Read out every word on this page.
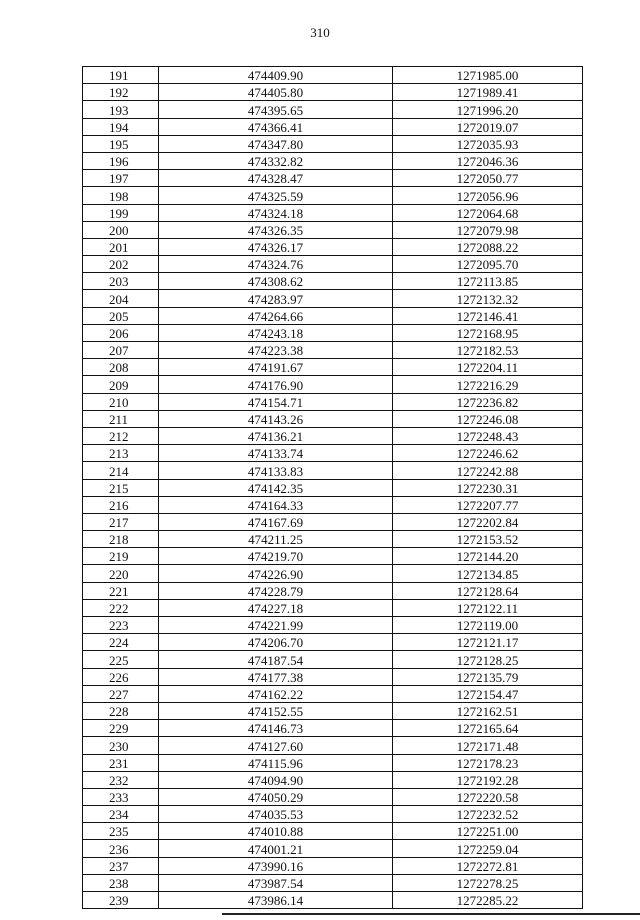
310
191	474409.90	1271985.00
192	474405.80	1271989.41
193	474395.65	1271996.20
194	474366.41	1272019.07
195	474347.80	1272035.93
196	474332.82	1272046.36
197	474328.47	1272050.77
198	474325.59	1272056.96
199	474324.18	1272064.68
200	474326.35	1272079.98
201	474326.17	1272088.22
202	474324.76	1272095.70
203	474308.62	1272113.85
204	474283.97	1272132.32
205	474264.66	1272146.41
206	474243.18	1272168.95
207	474223.38	1272182.53
208	474191.67	1272204.11
209	474176.90	1272216.29
210	474154.71	1272236.82
211	474143.26	1272246.08
212	474136.21	1272248.43
213	474133.74	1272246.62
214	474133.83	1272242.88
215	474142.35	1272230.31
216	474164.33	1272207.77
217	474167.69	1272202.84
218	474211.25	1272153.52
219	474219.70	1272144.20
220	474226.90	1272134.85
221	474228.79	1272128.64
222	474227.18	1272122.11
223	474221.99	1272119.00
224	474206.70	1272121.17
225	474187.54	1272128.25
226	474177.38	1272135.79
227	474162.22	1272154.47
228	474152.55	1272162.51
229	474146.73	1272165.64
230	474127.60	1272171.48
231	474115.96	1272178.23
232	474094.90	1272192.28
233	474050.29	1272220.58
234	474035.53	1272232.52
235	474010.88	1272251.00
236	474001.21	1272259.04
237	473990.16	1272272.81
238	473987.54	1272278.25
239	473986.14	1272285.22
